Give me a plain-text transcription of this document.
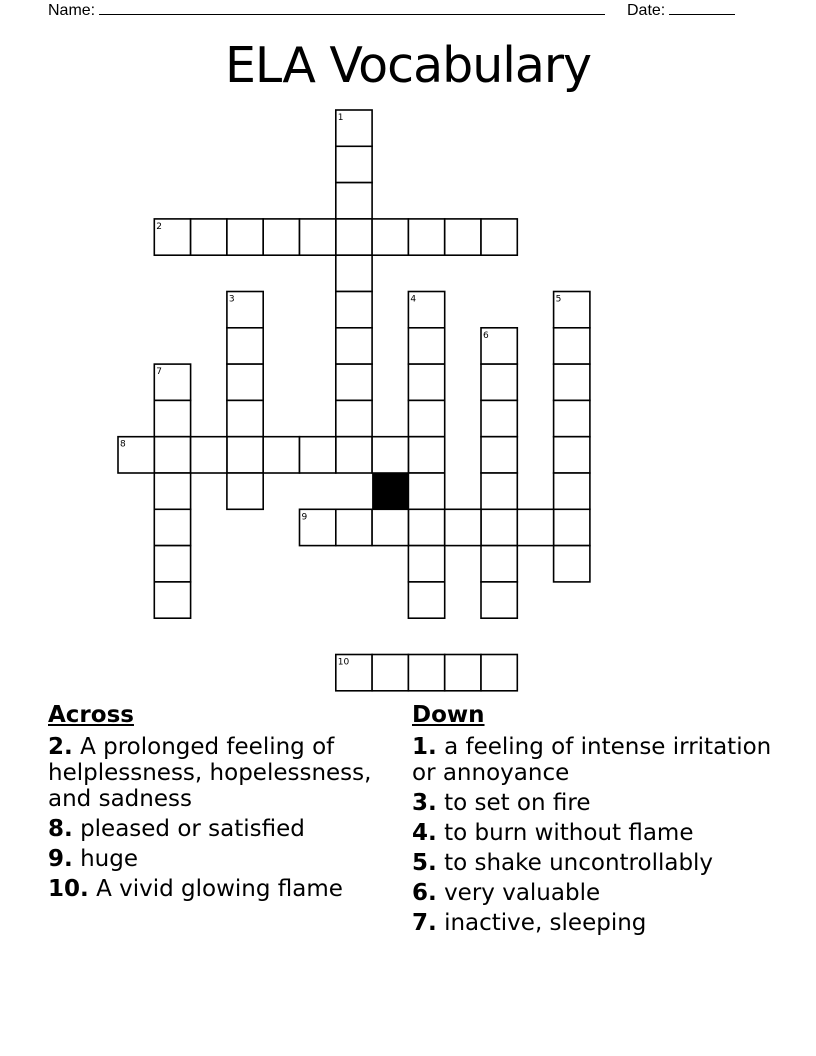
Name:	Date:
ELA Vocabulary
1
2
3	4	5
6
7
8
9
10
Across
2. A prolonged feeling of helplessness, hopelessness, and sadness
8. pleased or satisfied
9. huge
10. A vivid glowing flame
Down
1. a feeling of intense irritation or annoyance
3. to set on fire
4. to burn without flame
5. to shake uncontrollably
6. very valuable
7. inactive, sleeping
